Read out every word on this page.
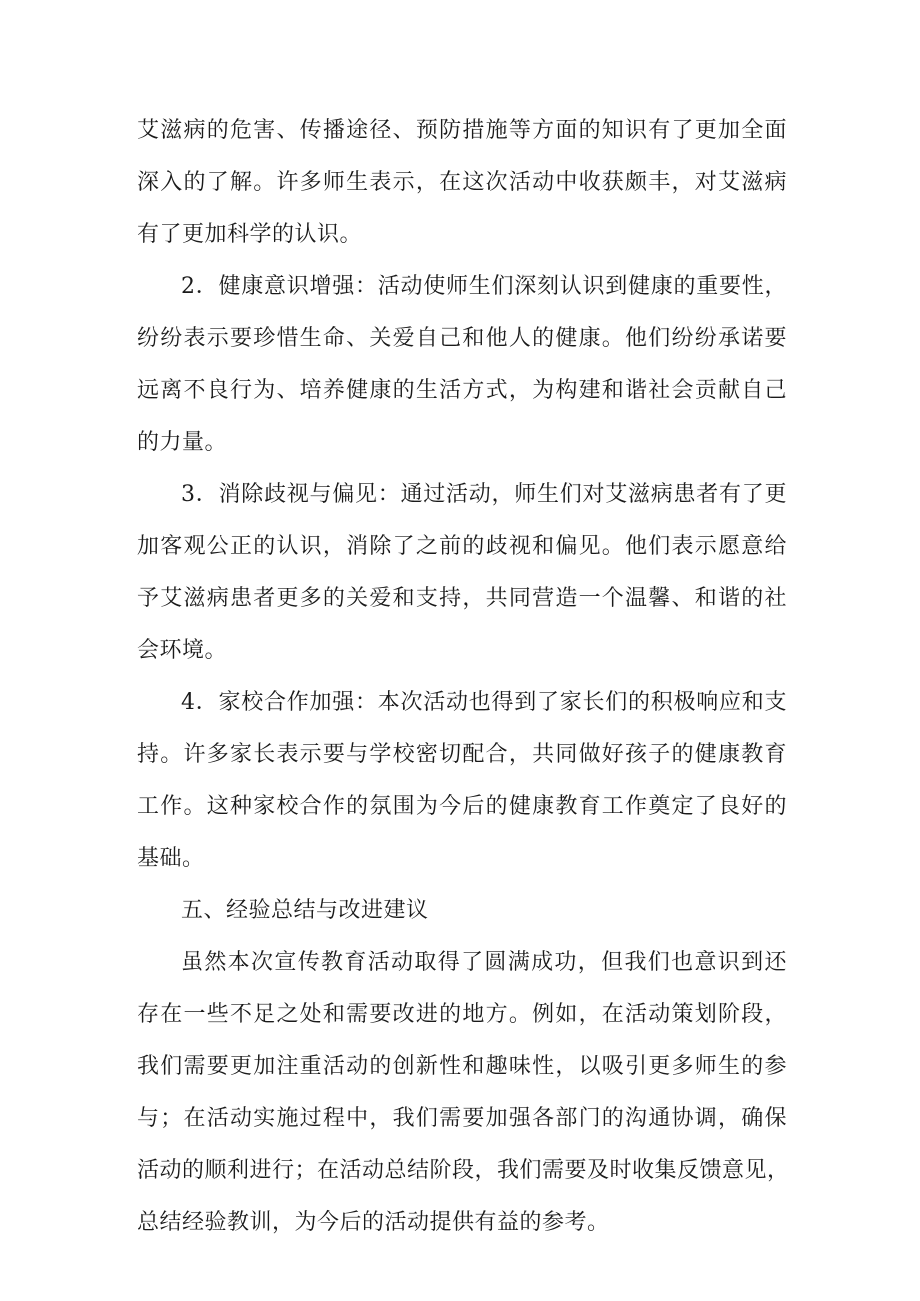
艾滋病的危害、传播途径、预防措施等方面的知识有了更加全面
深入的了解。许多师生表示，在这次活动中收获颇丰，对艾滋病
有了更加科学的认识。
2．健康意识增强：活动使师生们深刻认识到健康的重要性，
纷纷表示要珍惜生命、关爱自己和他人的健康。他们纷纷承诺要
远离不良行为、培养健康的生活方式，为构建和谐社会贡献自己
的力量。
3．消除歧视与偏见：通过活动，师生们对艾滋病患者有了更
加客观公正的认识，消除了之前的歧视和偏见。他们表示愿意给
予艾滋病患者更多的关爱和支持，共同营造一个温馨、和谐的社
会环境。
4．家校合作加强：本次活动也得到了家长们的积极响应和支
持。许多家长表示要与学校密切配合，共同做好孩子的健康教育
工作。这种家校合作的氛围为今后的健康教育工作奠定了良好的
基础。
五、经验总结与改进建议
虽然本次宣传教育活动取得了圆满成功，但我们也意识到还
存在一些不足之处和需要改进的地方。例如，在活动策划阶段，
我们需要更加注重活动的创新性和趣味性，以吸引更多师生的参
与；在活动实施过程中，我们需要加强各部门的沟通协调，确保
活动的顺利进行；在活动总结阶段，我们需要及时收集反馈意见，
总结经验教训，为今后的活动提供有益的参考。
